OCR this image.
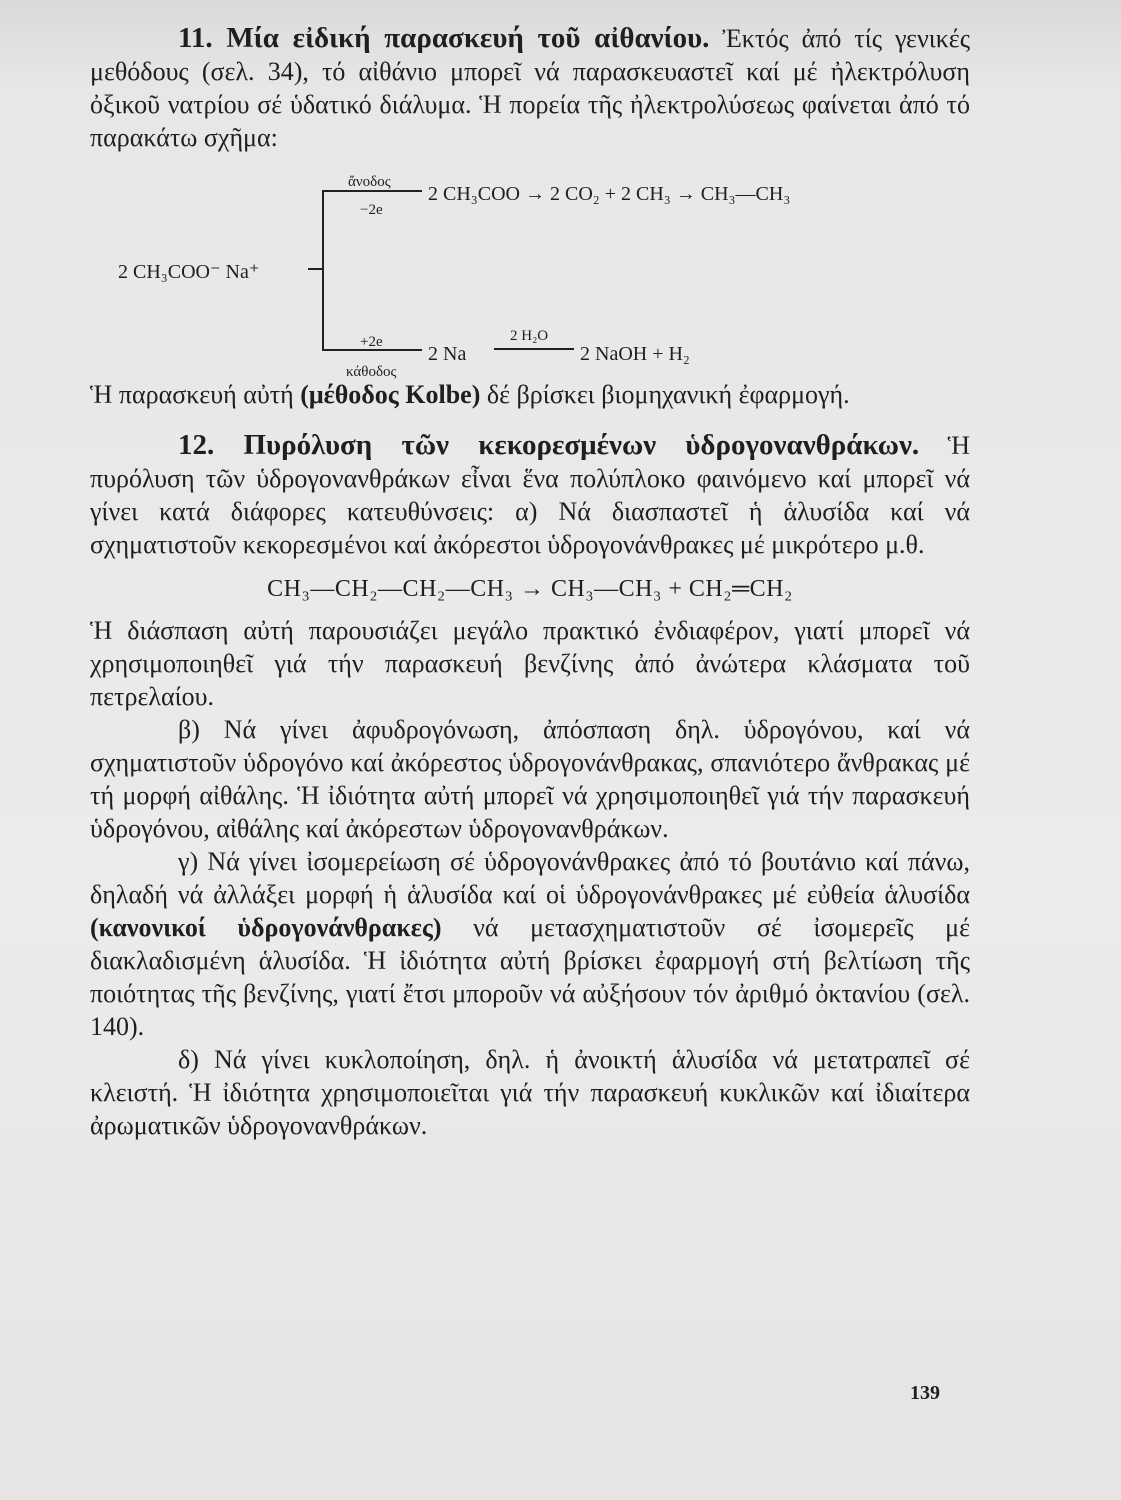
11. Μία εἰδική παρασκευή τοῦ αἰθανίου. Ἐκτός ἀπό τίς γενικές μεθόδους (σελ. 34), τό αἰθάνιο μπορεῖ νά παρασκευαστεῖ καί μέ ἠλεκτρόλυση ὀξικοῦ νατρίου σέ ὑδατικό διάλυμα. Ἡ πορεία τῆς ἠλεκτρολύσεως φαίνεται ἀπό τό παρακάτω σχῆμα:

2 CH₃COO⁻ Na⁺
ἄνοδος
−2e
2 CH₃COO → 2 CO₂ + 2 CH₃ → CH₃—CH₃
+2e
κάθοδος
2 Na
2 H₂O
2 NaOH + H₂

Ἡ παρασκευή αὐτή (μέθοδος Kolbe) δέ βρίσκει βιομηχανική ἐφαρμογή.

12. Πυρόλυση τῶν κεκορεσμένων ὑδρογονανθράκων. Ἡ πυρόλυση τῶν ὑδρογονανθράκων εἶναι ἕνα πολύπλοκο φαινόμενο καί μπορεῖ νά γίνει κατά διάφορες κατευθύνσεις: α) Νά διασπαστεῖ ἡ ἁλυσίδα καί νά σχηματιστοῦν κεκορεσμένοι καί ἀκόρεστοι ὑδρογονάνθρακες μέ μικρότερο μ.θ.

CH₃—CH₂—CH₂—CH₃ → CH₃—CH₃ + CH₂═CH₂

Ἡ διάσπαση αὐτή παρουσιάζει μεγάλο πρακτικό ἐνδιαφέρον, γιατί μπορεῖ νά χρησιμοποιηθεῖ γιά τήν παρασκευή βενζίνης ἀπό ἀνώτερα κλάσματα τοῦ πετρελαίου.

β) Νά γίνει ἀφυδρογόνωση, ἀπόσπαση δηλ. ὑδρογόνου, καί νά σχηματιστοῦν ὑδρογόνο καί ἀκόρεστος ὑδρογονάνθρακας, σπανιότερο ἄνθρακας μέ τή μορφή αἰθάλης. Ἡ ἰδιότητα αὐτή μπορεῖ νά χρησιμοποιηθεῖ γιά τήν παρασκευή ὑδρογόνου, αἰθάλης καί ἀκόρεστων ὑδρογονανθράκων.

γ) Νά γίνει ἰσομερείωση σέ ὑδρογονάνθρακες ἀπό τό βουτάνιο καί πάνω, δηλαδή νά ἀλλάξει μορφή ἡ ἁλυσίδα καί οἱ ὑδρογονάνθρακες μέ εὐθεία ἁλυσίδα (κανονικοί ὑδρογονάνθρακες) νά μετασχηματιστοῦν σέ ἰσομερεῖς μέ διακλαδισμένη ἁλυσίδα. Ἡ ἰδιότητα αὐτή βρίσκει ἐφαρμογή στή βελτίωση τῆς ποιότητας τῆς βενζίνης, γιατί ἔτσι μποροῦν νά αὐξήσουν τόν ἀριθμό ὀκτανίου (σελ. 140).

δ) Νά γίνει κυκλοποίηση, δηλ. ἡ ἀνοικτή ἁλυσίδα νά μετατραπεῖ σέ κλειστή. Ἡ ἰδιότητα χρησιμοποιεῖται γιά τήν παρασκευή κυκλικῶν καί ἰδιαίτερα ἀρωματικῶν ὑδρογονανθράκων.

139
